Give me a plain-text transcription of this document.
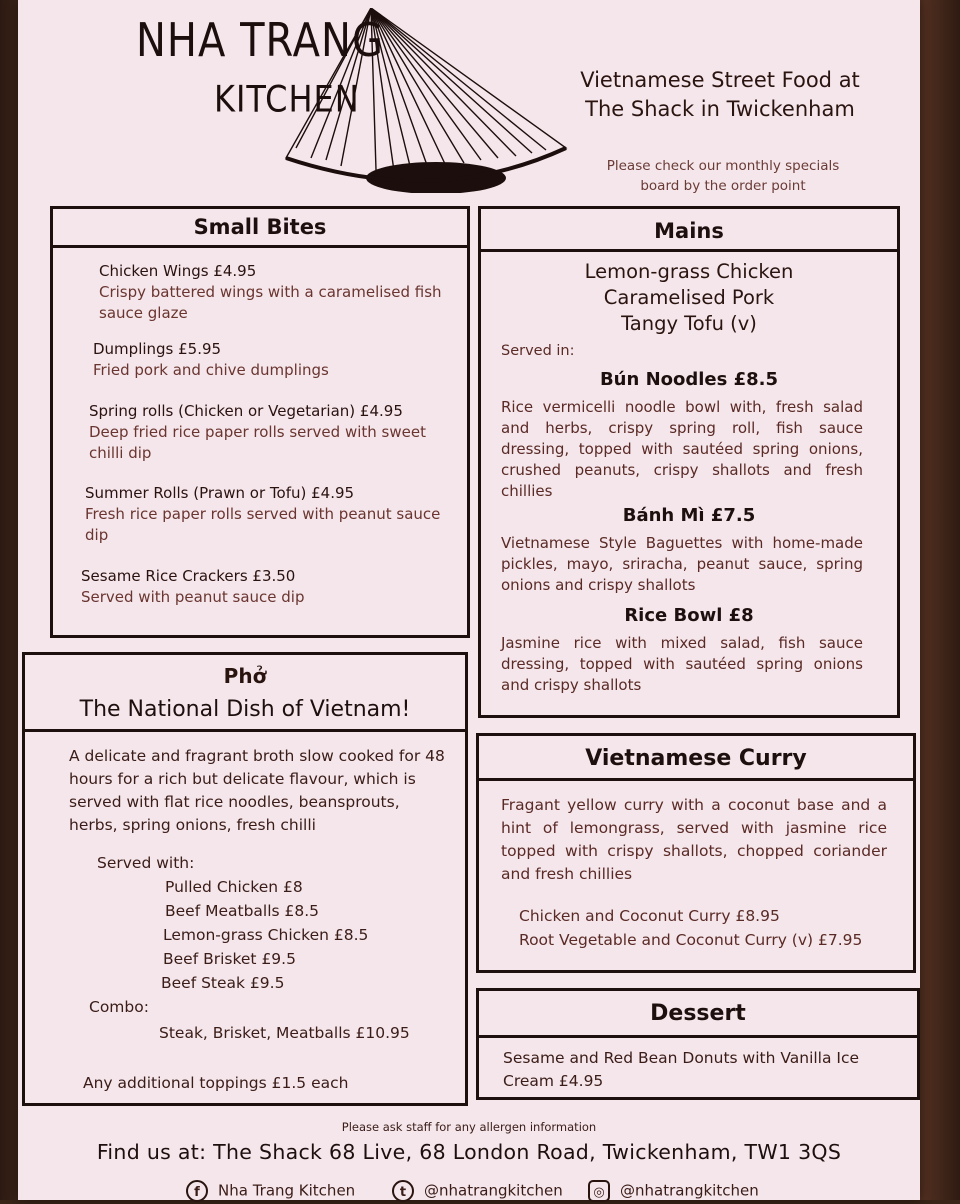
NHA TRANG
KITCHEN	Vietnamese Street Food at
The Shack in Twickenham
Please check our monthly specials
board by the order point
Small Bites
Chicken Wings £4.95
Crispy battered wings with a caramelised fish sauce glaze
Dumplings £5.95
Fried pork and chive dumplings
Spring rolls (Chicken or Vegetarian) £4.95
Deep fried rice paper rolls served with sweet chilli dip
Summer Rolls (Prawn or Tofu) £4.95
Fresh rice paper rolls served with peanut sauce dip
Sesame Rice Crackers £3.50
Served with peanut sauce dip
Mains
Lemon-grass Chicken
Caramelised Pork
Tangy Tofu (v)
Served in:
Bún Noodles £8.5
Rice vermicelli noodle bowl with, fresh salad and herbs, crispy spring roll, fish sauce dressing, topped with sautéed spring onions, crushed peanuts, crispy shallots and fresh chillies
Bánh Mì £7.5
Vietnamese Style Baguettes with home-made pickles, mayo, sriracha, peanut sauce, spring onions and crispy shallots
Rice Bowl £8
Jasmine rice with mixed salad, fish sauce dressing, topped with sautéed spring onions and crispy shallots
Phở
The National Dish of Vietnam!
A delicate and fragrant broth slow cooked for 48 hours for a rich but delicate flavour, which is served with flat rice noodles, beansprouts, herbs, spring onions, fresh chilli
Served with:
Pulled Chicken £8
Beef Meatballs £8.5
Lemon-grass Chicken £8.5
Beef Brisket £9.5
Beef Steak £9.5
Combo:
Steak, Brisket, Meatballs £10.95
Any additional toppings £1.5 each
Vietnamese Curry
Fragant yellow curry with a coconut base and a hint of lemongrass, served with jasmine rice topped with crispy shallots, chopped coriander and fresh chillies
Chicken and Coconut Curry £8.95
Root Vegetable and Coconut Curry (v) £7.95
Dessert
Sesame and Red Bean Donuts with Vanilla Ice Cream £4.95
Please ask staff for any allergen information
Find us at: The Shack 68 Live, 68 London Road, Twickenham, TW1 3QS
f Nha Trang Kitchen	t @nhatrangkitchen	◎ @nhatrangkitchen
